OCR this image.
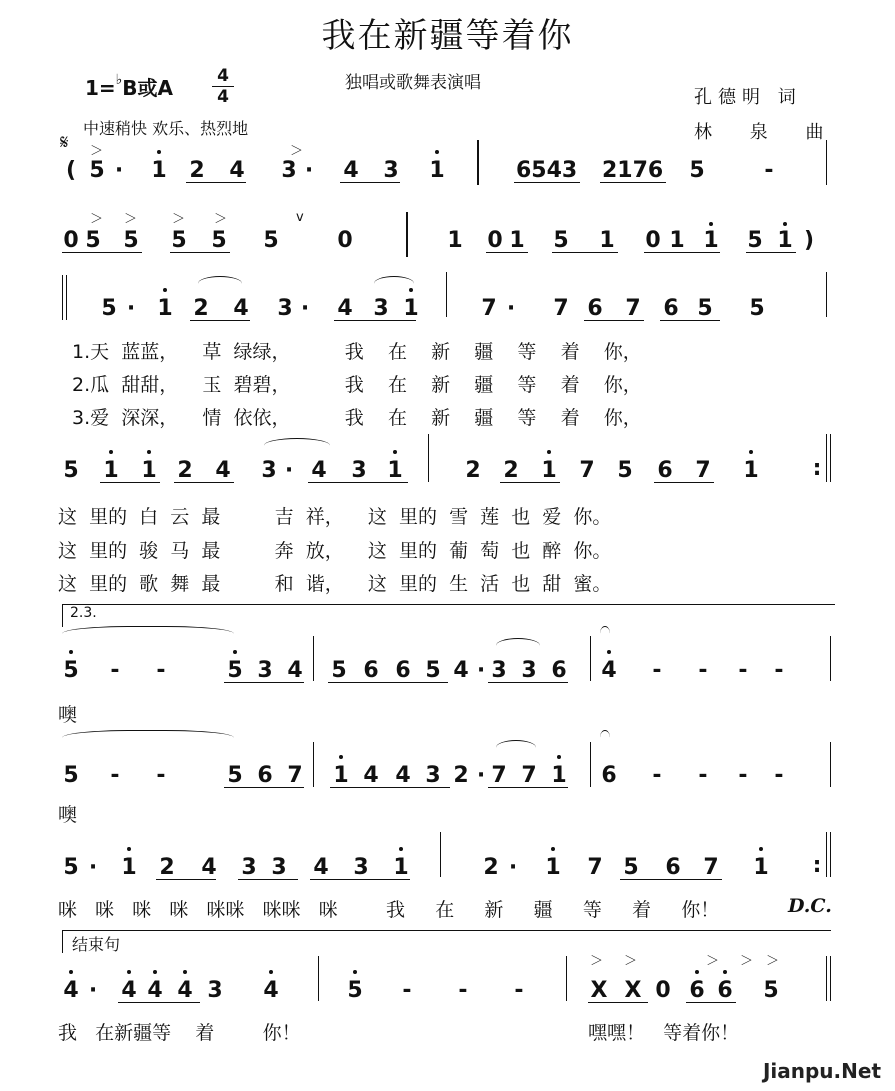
我在新疆等着你
1=♭B或A	4
4
独唱或歌舞表演唱
孔德明 词
林 泉 曲
中速稍快 欢乐、热烈地
𝄋
( 5 · 1 2 4 3 · 4 3 1	6543 2176 5	-
0 5 5 5 5 5	0	1 0 1 5 1 0 1 1 5 1 )
5 · 1 2 4 3 · 4 3 1	7 · 7 6 7 6 5 5
5 1 1 2 4 3 · 4 3 1	2 2 1 7 5 6 7 1 :
5 - -	5 3 4 5 6 6 5 4 · 3 3 6 4 - - - -
5 - -	5 6 7 1 4 4 3 2 · 7 7 1 6 - - - -
5 · 1 2 4 3 3 4 3 1	2 · 1 7 5 6 7 1 :
4 · 4 4 4 3 4	5 - - -	X X 0 6 6 5
＞ ＞	＞ ＞ ＞
＞	＞
＞ ＞	＞ ＞	v
1.天  蓝蓝，    草  绿绿，         我    在    新    疆    等    着    你，
2.瓜  甜甜，    玉  碧碧，         我    在    新    疆    等    着    你，
3.爱  深深，    情  依依，         我    在    新    疆    等    着    你，
这  里的  白  云  最         吉  祥，    这  里的  雪  莲  也  爱  你。
这  里的  骏  马  最         奔  放，    这  里的  葡  萄  也  醉  你。
这  里的  歌  舞  最         和  谐，    这  里的  生  活  也  甜  蜜。
2.3.
噢
噢
咪   咪   咪   咪   咪咪   咪咪   咪        我     在     新     疆     等     着     你！	D.C.
结束句
我   在新疆等    着        你！	嘿嘿！   等着你！
Jianpu.Net
